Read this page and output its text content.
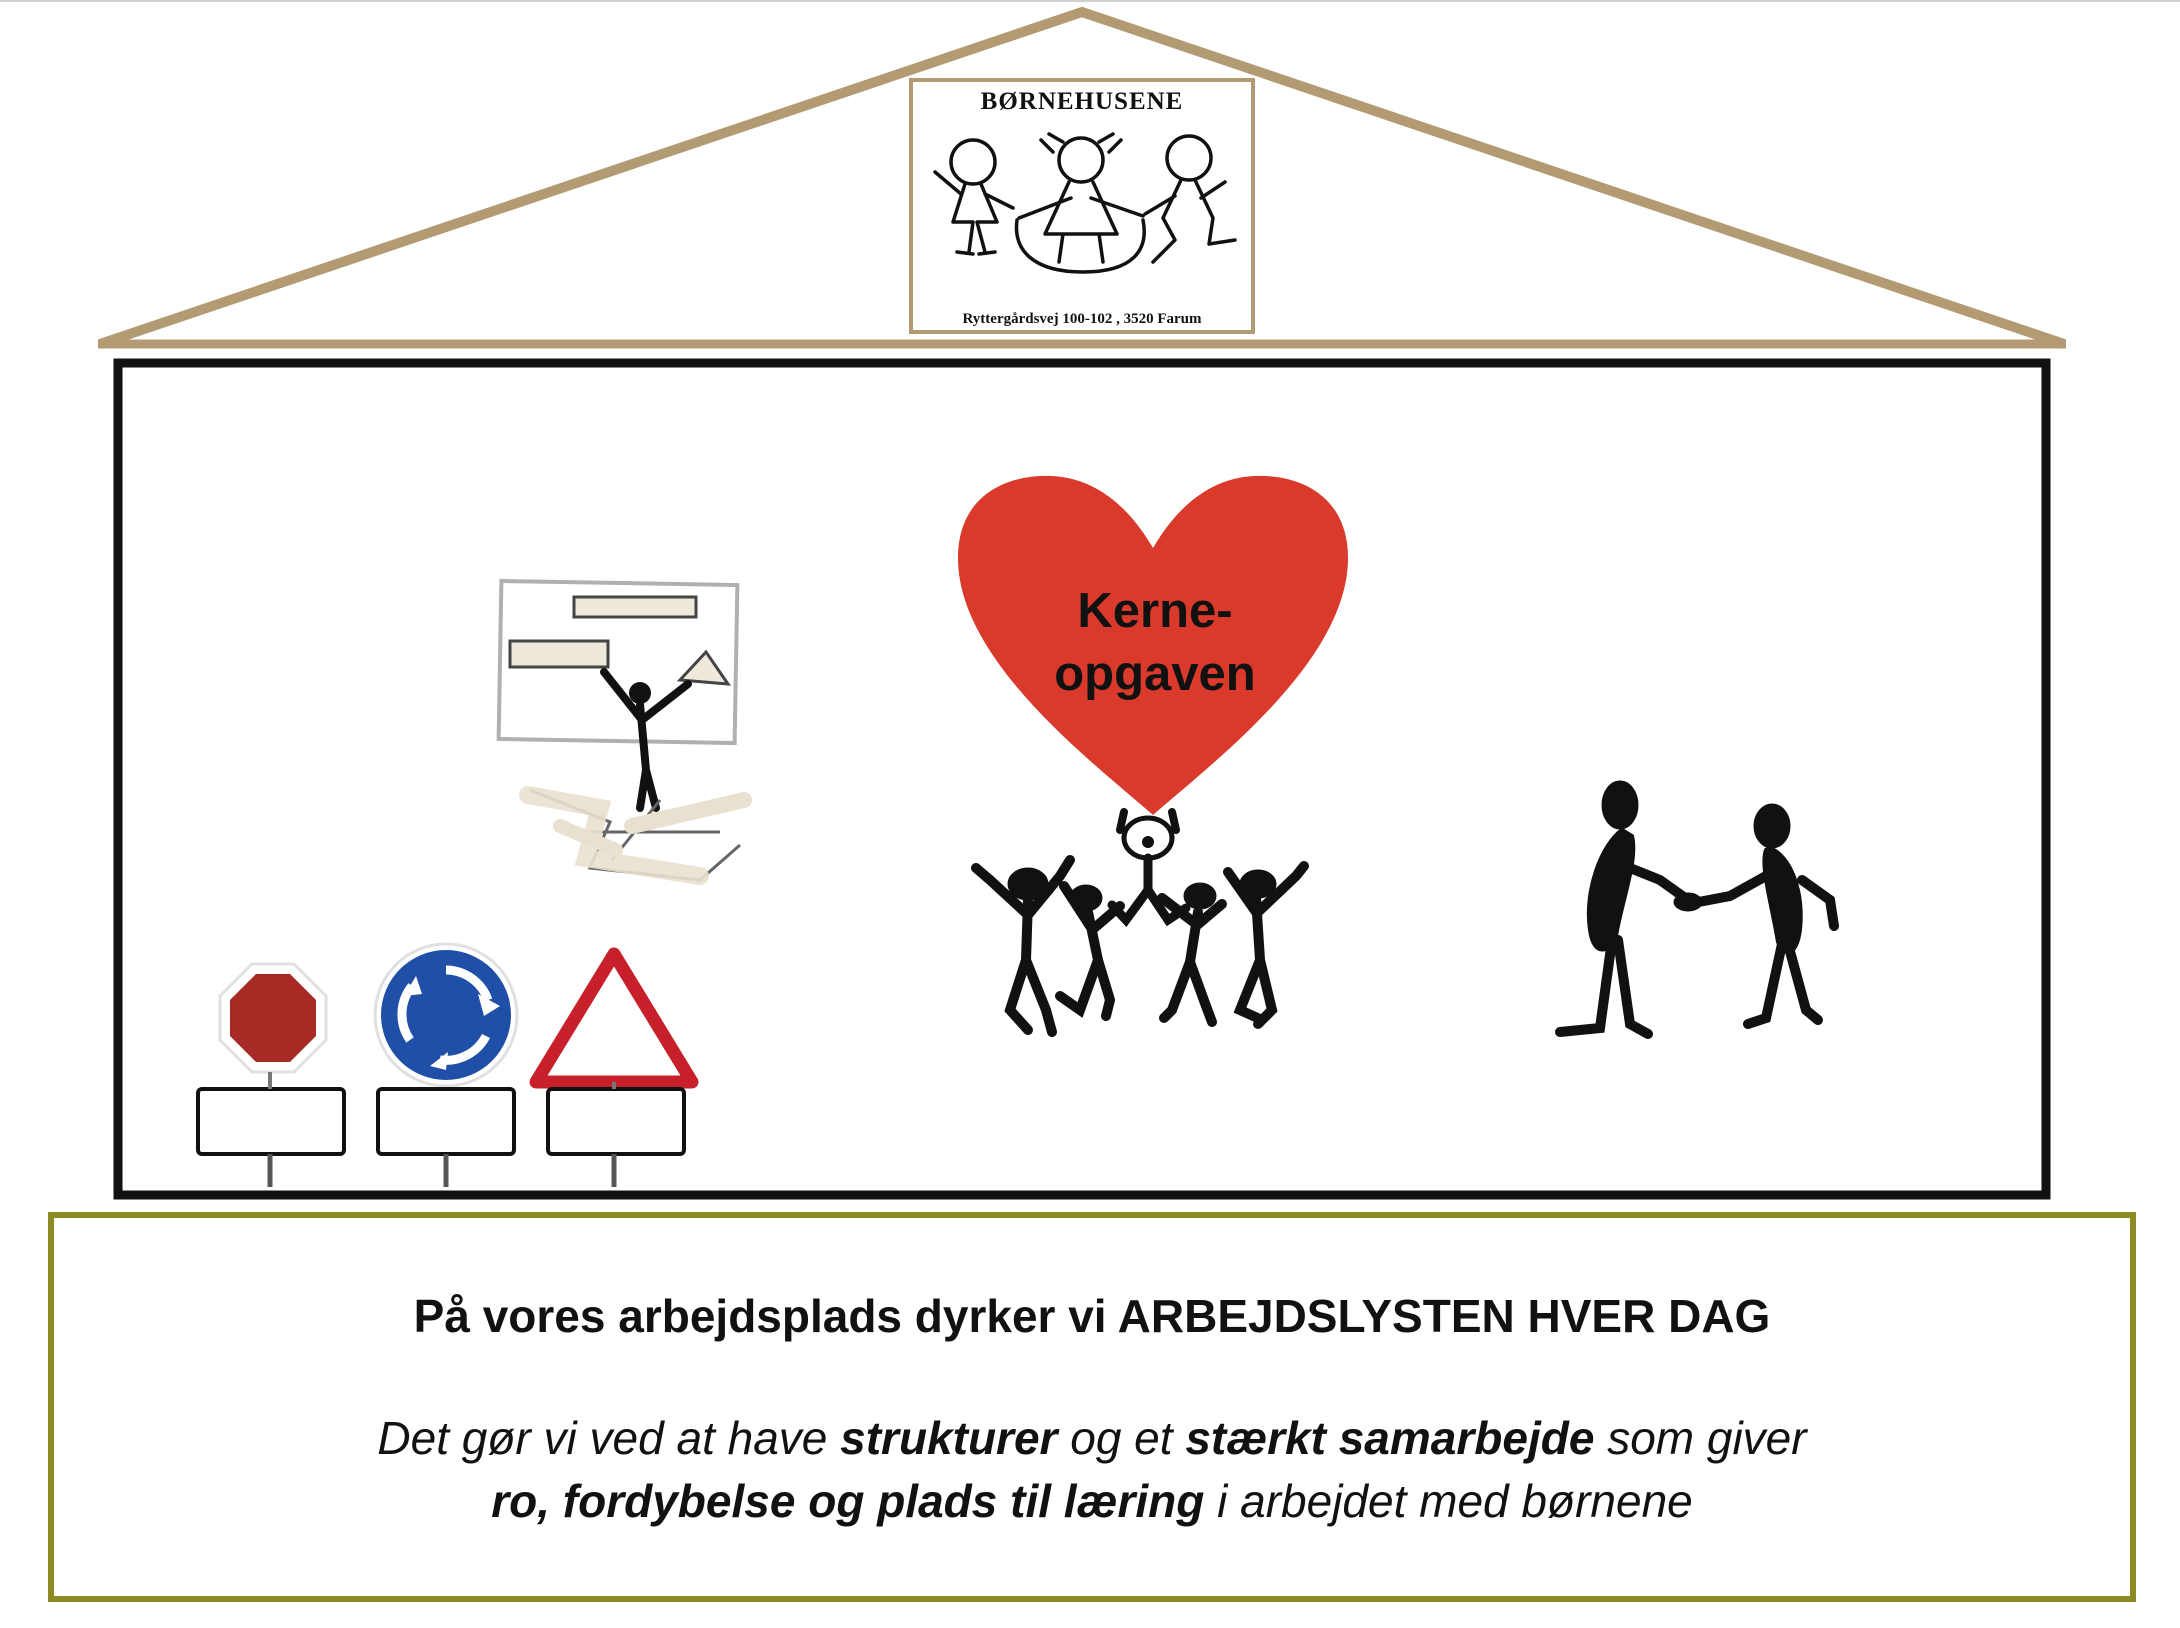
BØRNEHUSENE
Ryttergårdsvej 100-102 , 3520 Farum
Kerne-
opgaven
På vores arbejdsplads dyrker vi ARBEJDSLYSTEN HVER DAG
Det gør vi ved at have strukturer og et stærkt samarbejde som giver
ro, fordybelse og plads til læring i arbejdet med børnene
